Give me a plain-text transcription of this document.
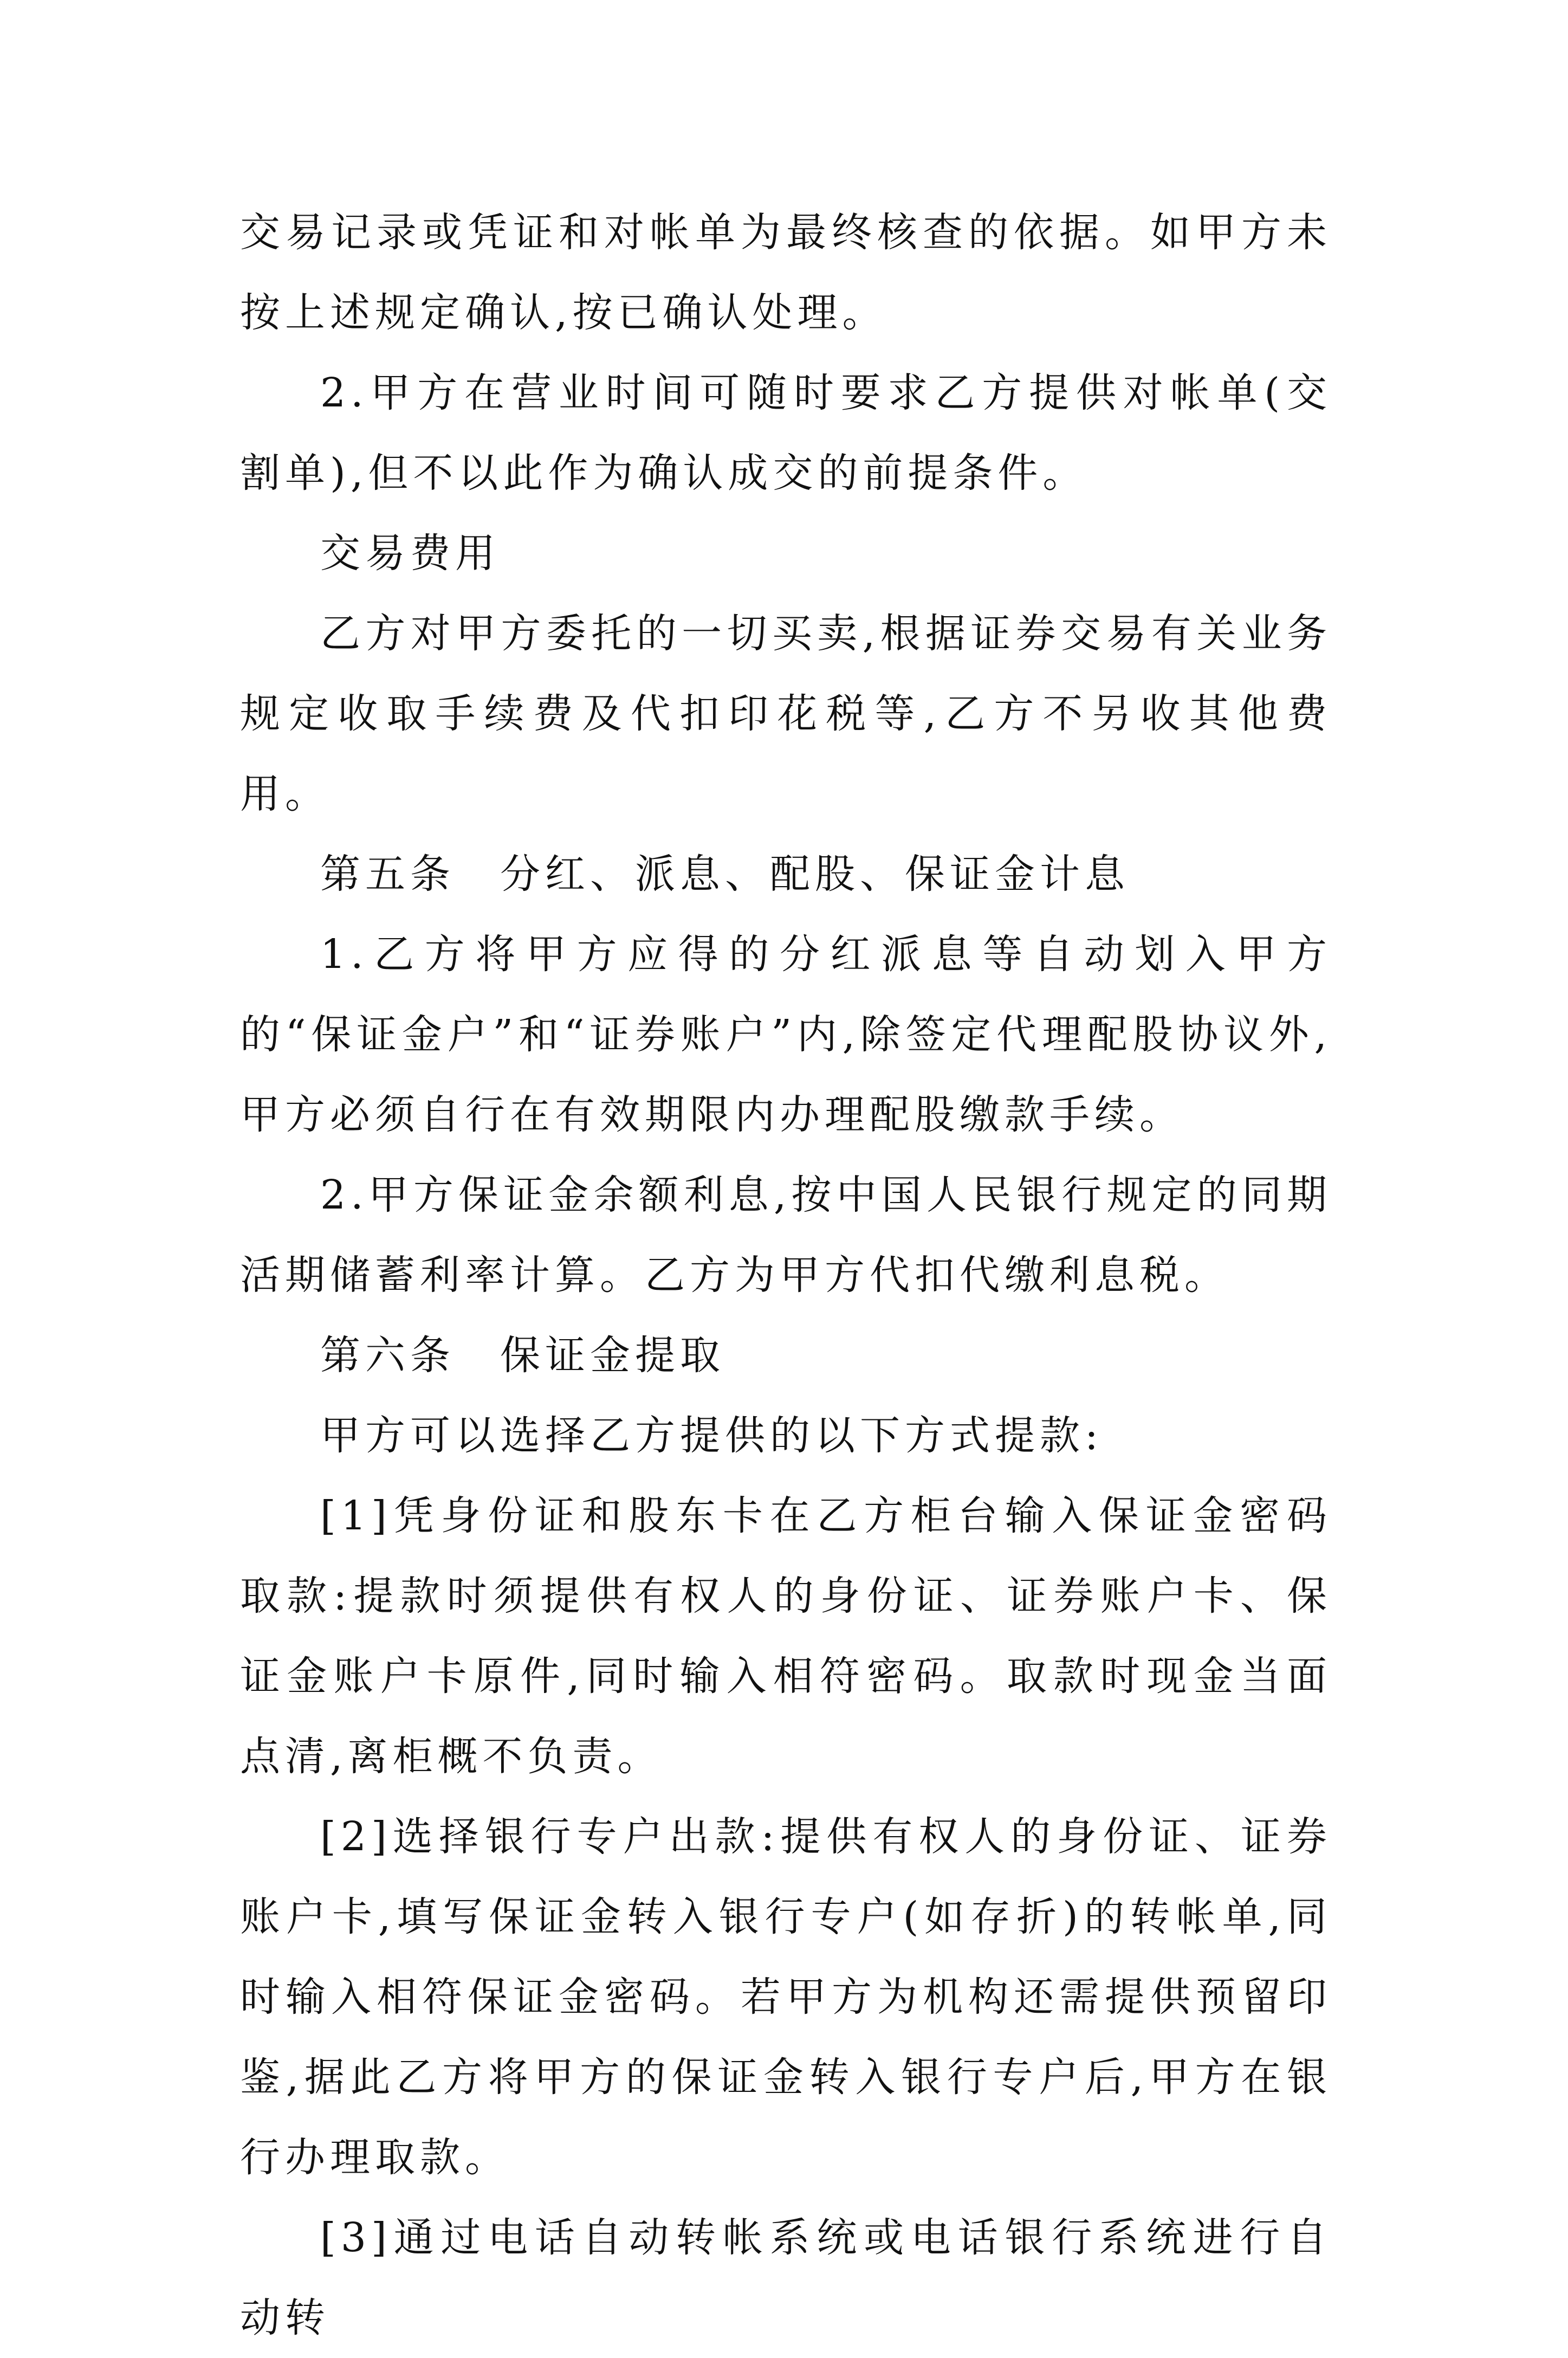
交易记录或凭证和对帐单为最终核查的依据。如甲方未按上述规定确认,按已确认处理。

2.甲方在营业时间可随时要求乙方提供对帐单(交割单),但不以此作为确认成交的前提条件。

交易费用

乙方对甲方委托的一切买卖,根据证券交易有关业务规定收取手续费及代扣印花税等,乙方不另收其他费用。

第五条　分红、派息、配股、保证金计息

1.乙方将甲方应得的分红派息等自动划入甲方的“保证金户”和“证券账户”内,除签定代理配股协议外,甲方必须自行在有效期限内办理配股缴款手续。

2.甲方保证金余额利息,按中国人民银行规定的同期活期储蓄利率计算。乙方为甲方代扣代缴利息税。

第六条　保证金提取

甲方可以选择乙方提供的以下方式提款:

[1]凭身份证和股东卡在乙方柜台输入保证金密码取款:提款时须提供有权人的身份证、证券账户卡、保证金账户卡原件,同时输入相符密码。取款时现金当面点清,离柜概不负责。

[2]选择银行专户出款:提供有权人的身份证、证券账户卡,填写保证金转入银行专户(如存折)的转帐单,同时输入相符保证金密码。若甲方为机构还需提供预留印鉴,据此乙方将甲方的保证金转入银行专户后,甲方在银行办理取款。

[3]通过电话自动转帐系统或电话银行系统进行自动转
